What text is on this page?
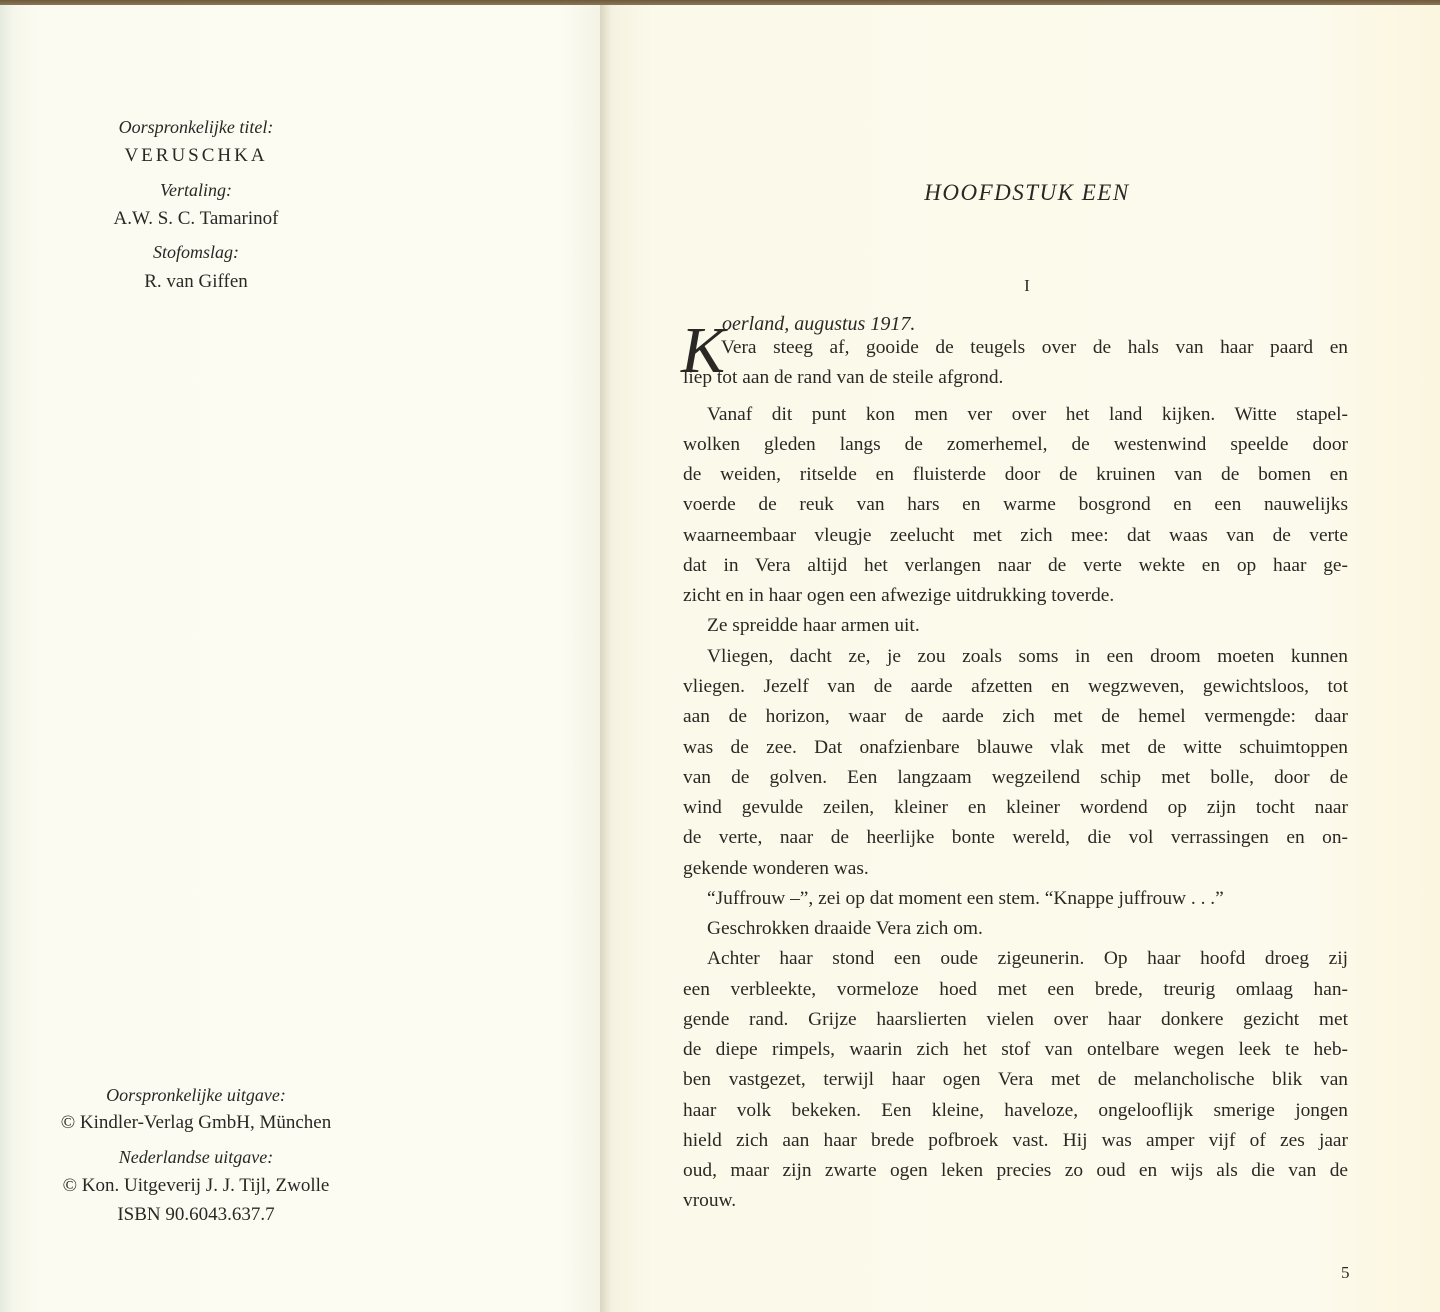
Oorspronkelijke titel:
VERUSCHKA
Vertaling:
A.W. S. C. Tamarinof
Stofomslag:
R. van Giffen
Oorspronkelijke uitgave:
© Kindler-Verlag GmbH, München
Nederlandse uitgave:
© Kon. Uitgeverij J. J. Tijl, Zwolle
ISBN 90.6043.637.7
HOOFDSTUK EEN
I
K
oerland, augustus 1917.
Vera steeg af, gooide de teugels over de hals van haar paard en
liep tot aan de rand van de steile afgrond.
Vanaf dit punt kon men ver over het land kijken. Witte stapel-
wolken gleden langs de zomerhemel, de westenwind speelde door
de weiden, ritselde en fluisterde door de kruinen van de bomen en
voerde de reuk van hars en warme bosgrond en een nauwelijks
waarneembaar vleugje zeelucht met zich mee: dat waas van de verte
dat in Vera altijd het verlangen naar de verte wekte en op haar ge-
zicht en in haar ogen een afwezige uitdrukking toverde.
Ze spreidde haar armen uit.
Vliegen, dacht ze, je zou zoals soms in een droom moeten kunnen
vliegen. Jezelf van de aarde afzetten en wegzweven, gewichtsloos, tot
aan de horizon, waar de aarde zich met de hemel vermengde: daar
was de zee. Dat onafzienbare blauwe vlak met de witte schuimtoppen
van de golven. Een langzaam wegzeilend schip met bolle, door de
wind gevulde zeilen, kleiner en kleiner wordend op zijn tocht naar
de verte, naar de heerlijke bonte wereld, die vol verrassingen en on-
gekende wonderen was.
“Juffrouw –”, zei op dat moment een stem. “Knappe juffrouw . . .”
Geschrokken draaide Vera zich om.
Achter haar stond een oude zigeunerin. Op haar hoofd droeg zij
een verbleekte, vormeloze hoed met een brede, treurig omlaag han-
gende rand. Grijze haarslierten vielen over haar donkere gezicht met
de diepe rimpels, waarin zich het stof van ontelbare wegen leek te heb-
ben vastgezet, terwijl haar ogen Vera met de melancholische blik van
haar volk bekeken. Een kleine, haveloze, ongelooflijk smerige jongen
hield zich aan haar brede pofbroek vast. Hij was amper vijf of zes jaar
oud, maar zijn zwarte ogen leken precies zo oud en wijs als die van de
vrouw.
5
